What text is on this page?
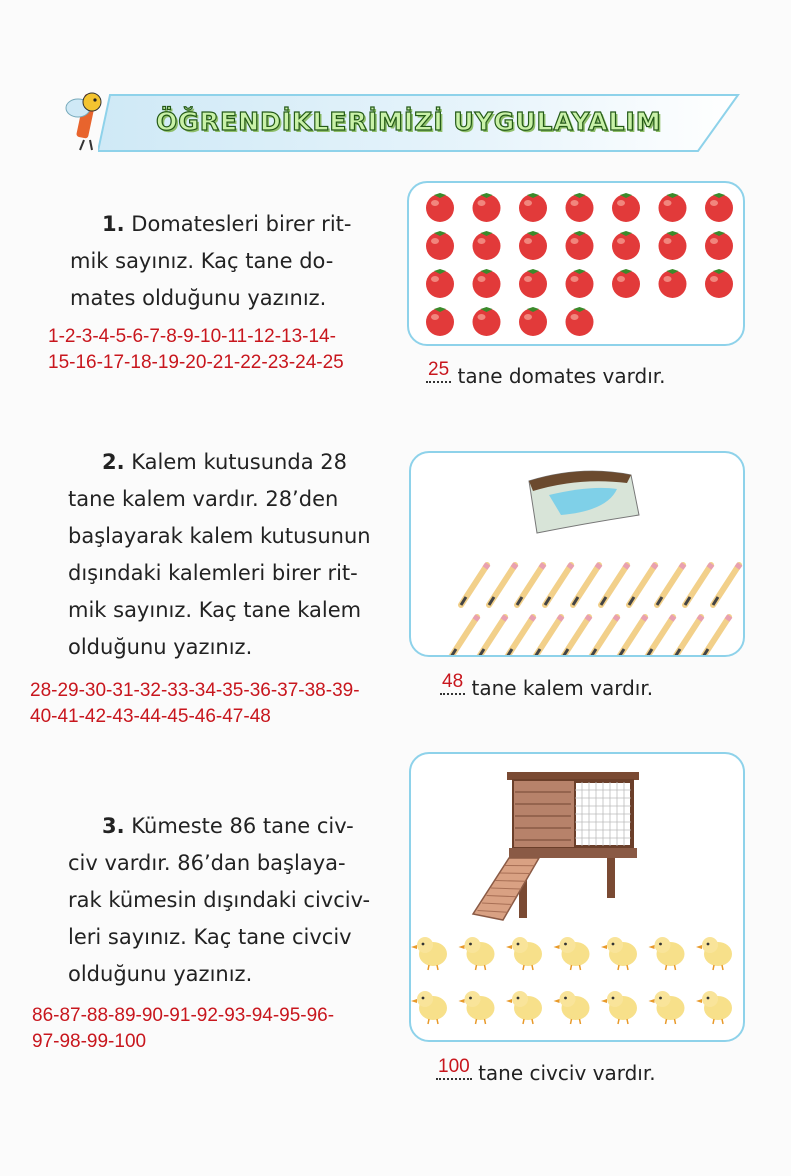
ÖĞRENDİKLERİMİZİ UYGULAYALIM
1. Domatesleri birer rit-
mik sayınız. Kaç tane do-
mates olduğunu yazınız.
1-2-3-4-5-6-7-8-9-10-11-12-13-14-
15-16-17-18-19-20-21-22-23-24-25	25 tane domates vardır.
2. Kalem kutusunda 28
tane kalem vardır. 28’den
başlayarak kalem kutusunun
dışındaki kalemleri birer rit-
mik sayınız. Kaç tane kalem
olduğunu yazınız.
28-29-30-31-32-33-34-35-36-37-38-39-
40-41-42-43-44-45-46-47-48
48 tane kalem vardır.
3. Kümeste 86 tane civ-
civ vardır. 86’dan başlaya-
rak kümesin dışındaki civciv-
leri sayınız. Kaç tane civciv
olduğunu yazınız.
86-87-88-89-90-91-92-93-94-95-96-
97-98-99-100
100 tane civciv vardır.
